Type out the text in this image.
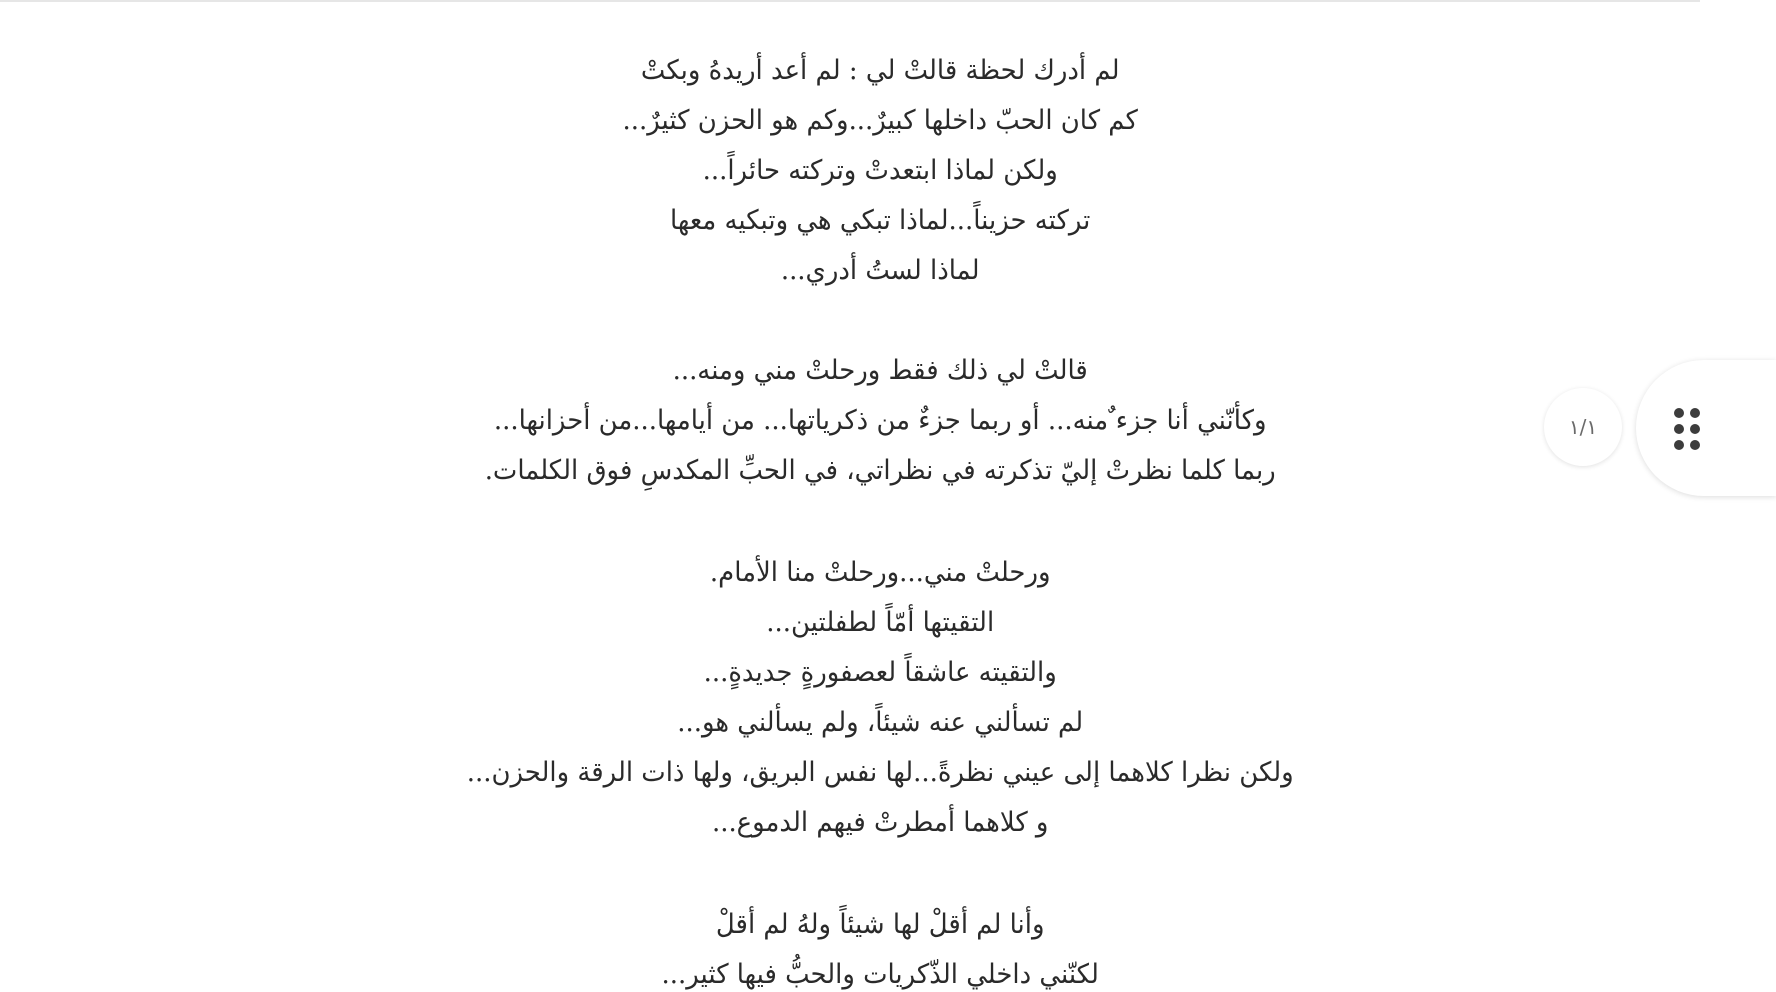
لم أدرك لحظة قالتْ لي : لم أعد أريدهُ وبكتْ
كم كان الحبّ داخلها كبيرٌ...وكم هو الحزن كثيرٌ...
ولكن لماذا ابتعدتْ وتركته حائراً...
تركته حزيناً...لماذا تبكي هي وتبكيه معها
لماذا لستُ أدري...
قالتْ لي ذلك فقط ورحلتْ مني ومنه...
وكأنّني أنا جزء ٌمنه... أو ربما جزءٌ من ذكرياتها... من أيامها...من أحزانها...
ربما كلما نظرتْ إليّ تذكرته في نظراتي، في الحبِّ المكدسِ فوق الكلمات.
ورحلتْ مني...ورحلتْ منا الأمام.
التقيتها أمّاً لطفلتين...
والتقيته عاشقاً لعصفورةٍ جديدةٍ...
لم تسألني عنه شيئاً، ولم يسألني هو...
ولكن نظرا كلاهما إلى عيني نظرةً...لها نفس البريق، ولها ذات الرقة والحزن...
و كلاهما أمطرتْ فيهم الدموع...
وأنا لم أقلْ لها شيئاً ولهُ لم أقلْ
لكنّني داخلي الذّكريات والحبُّ فيها كثير...
١/١
